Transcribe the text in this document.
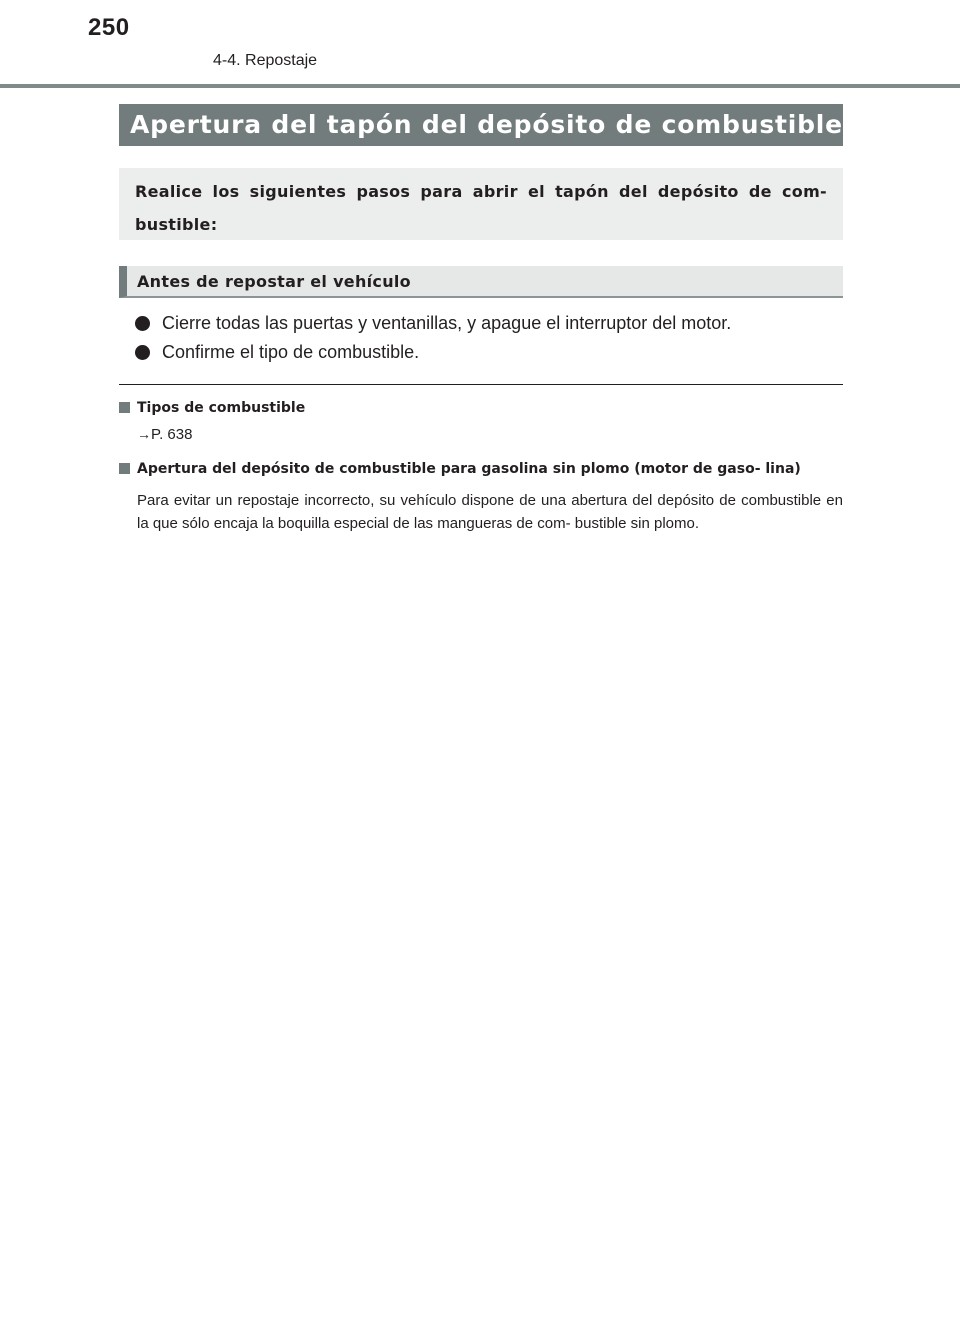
250
4-4. Repostaje
Apertura del tapón del depósito de combustible
Realice los siguientes pasos para abrir el tapón del depósito de com- bustible:
Antes de repostar el vehículo
Cierre todas las puertas y ventanillas, y apague el interruptor del motor.
Confirme el tipo de combustible.
Tipos de combustible
→P. 638
Apertura del depósito de combustible para gasolina sin plomo (motor de gaso- lina)
Para evitar un repostaje incorrecto, su vehículo dispone de una abertura del depósito de combustible en la que sólo encaja la boquilla especial de las mangueras de com- bustible sin plomo.
